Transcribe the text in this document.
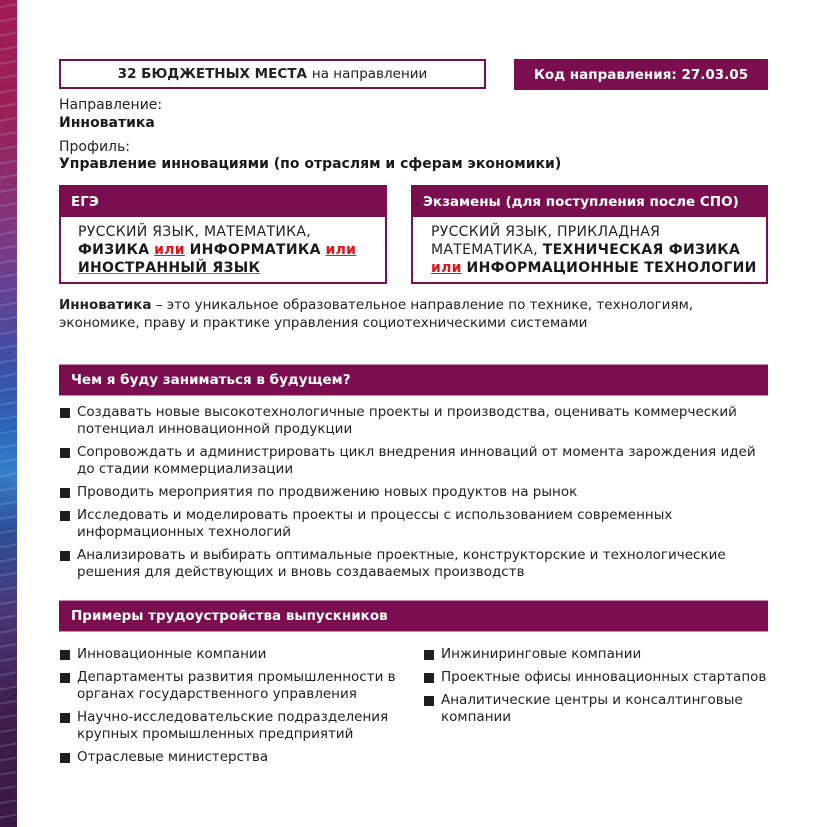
32 БЮДЖЕТНЫХ МЕСТА на направлении	Код направления: 27.03.05
Направление:
Инноватика
Профиль:
Управление инновациями (по отраслям и сферам экономики)
ЕГЭ
РУССКИЙ ЯЗЫК, МАТЕМАТИКА,
ФИЗИКА или ИНФОРМАТИКА или
ИНОСТРАННЫЙ ЯЗЫК
Экзамены (для поступления после СПО)
РУССКИЙ ЯЗЫК, ПРИКЛАДНАЯ
МАТЕМАТИКА, ТЕХНИЧЕСКАЯ ФИЗИКА
или ИНФОРМАЦИОННЫЕ ТЕХНОЛОГИИ
Инноватика – это уникальное образовательное направление по технике, технологиям, экономике, праву и практике управления социотехническими системами
Чем я буду заниматься в будущем?
Создавать новые высокотехнологичные проекты и производства, оценивать коммерческий потенциал инновационной продукции
Сопровождать и администрировать цикл внедрения инноваций от момента зарождения идей до стадии коммерциализации
Проводить мероприятия по продвижению новых продуктов на рынок
Исследовать и моделировать проекты и процессы с использованием современных информационных технологий
Анализировать и выбирать оптимальные проектные, конструкторские и технологические решения для действующих и вновь создаваемых производств
Примеры трудоустройства выпускников
Инновационные компании
Департаменты развития промышленности в органах государственного управления
Научно-исследовательские подразделения крупных промышленных предприятий
Отраслевые министерства
Инжиниринговые компании
Проектные офисы инновационных стартапов
Аналитические центры и консалтинговые компании
